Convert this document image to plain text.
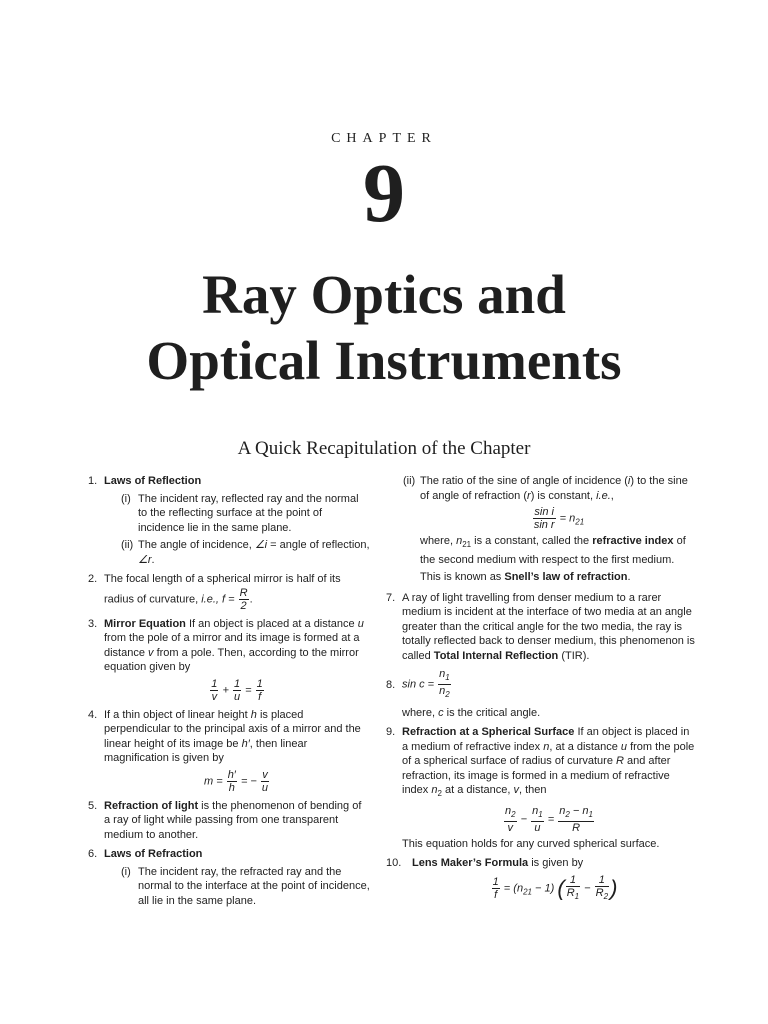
CHAPTER
9
Ray Optics and
Optical Instruments
A Quick Recapitulation of the Chapter
1. Laws of Reflection
(i) The incident ray, reflected ray and the normal to the reflecting surface at the point of incidence lie in the same plane.
(ii) The angle of incidence, ∠i = angle of reflection, ∠r.
2. The focal length of a spherical mirror is half of its radius of curvature, i.e., $f = \frac{R}{2}$ .
3. Mirror Equation If an object is placed at a distance u from the pole of a mirror and its image is formed at a distance v from a pole. Then, according to the mirror equation given by
$\frac{1}{v} + \frac{1}{u} = \frac{1}{f}$
4. If a thin object of linear height h is placed perpendicular to the principal axis of a mirror and the linear height of its image be h′, then linear magnification is given by
$m = \frac{h'}{h}$ = − $\frac{v}{u}$
5. Refraction of light is the phenomenon of bending of a ray of light while passing from one transparent medium to another.
6. Laws of Refraction
(i) The incident ray, the refracted ray and the normal to the interface at the point of incidence, all lie in the same plane.
(ii) The ratio of the sine of angle of incidence (i) to the sine of angle of refraction (r) is constant, i.e.,
$\frac{\text{sin i}}{\text{sin r}} = n_{21}$
where, $n_{21}$ is a constant, called the refractive index of the second medium with respect to the first medium.
This is known as Snell’s law of refraction.
7. A ray of light travelling from denser medium to a rarer medium is incident at the interface of two media at an angle greater than the critical angle for the two media, the ray is totally reflected back to denser medium, this phenomenon is called Total Internal Reflection (TIR).
8. $\sin c = \frac{n_1}{n_2}$
where, c is the critical angle.
9. Refraction at a Spherical Surface If an object is placed in a medium of refractive index n, at a distance u from the pole of a spherical surface of radius of curvature R and after refraction, its image is formed in a medium of refractive index $n_2$ at a distance, v, then
$\frac{n_2}{v} - \frac{n_1}{u} = \frac{n_2 - n_1}{R}$
This equation holds for any curved spherical surface.
10. Lens Maker’s Formula is given by
$\frac{1}{f} = (n_{21} - 1)$ ( $\frac{1}{R_1} - \frac{1}{R_2}$ )
